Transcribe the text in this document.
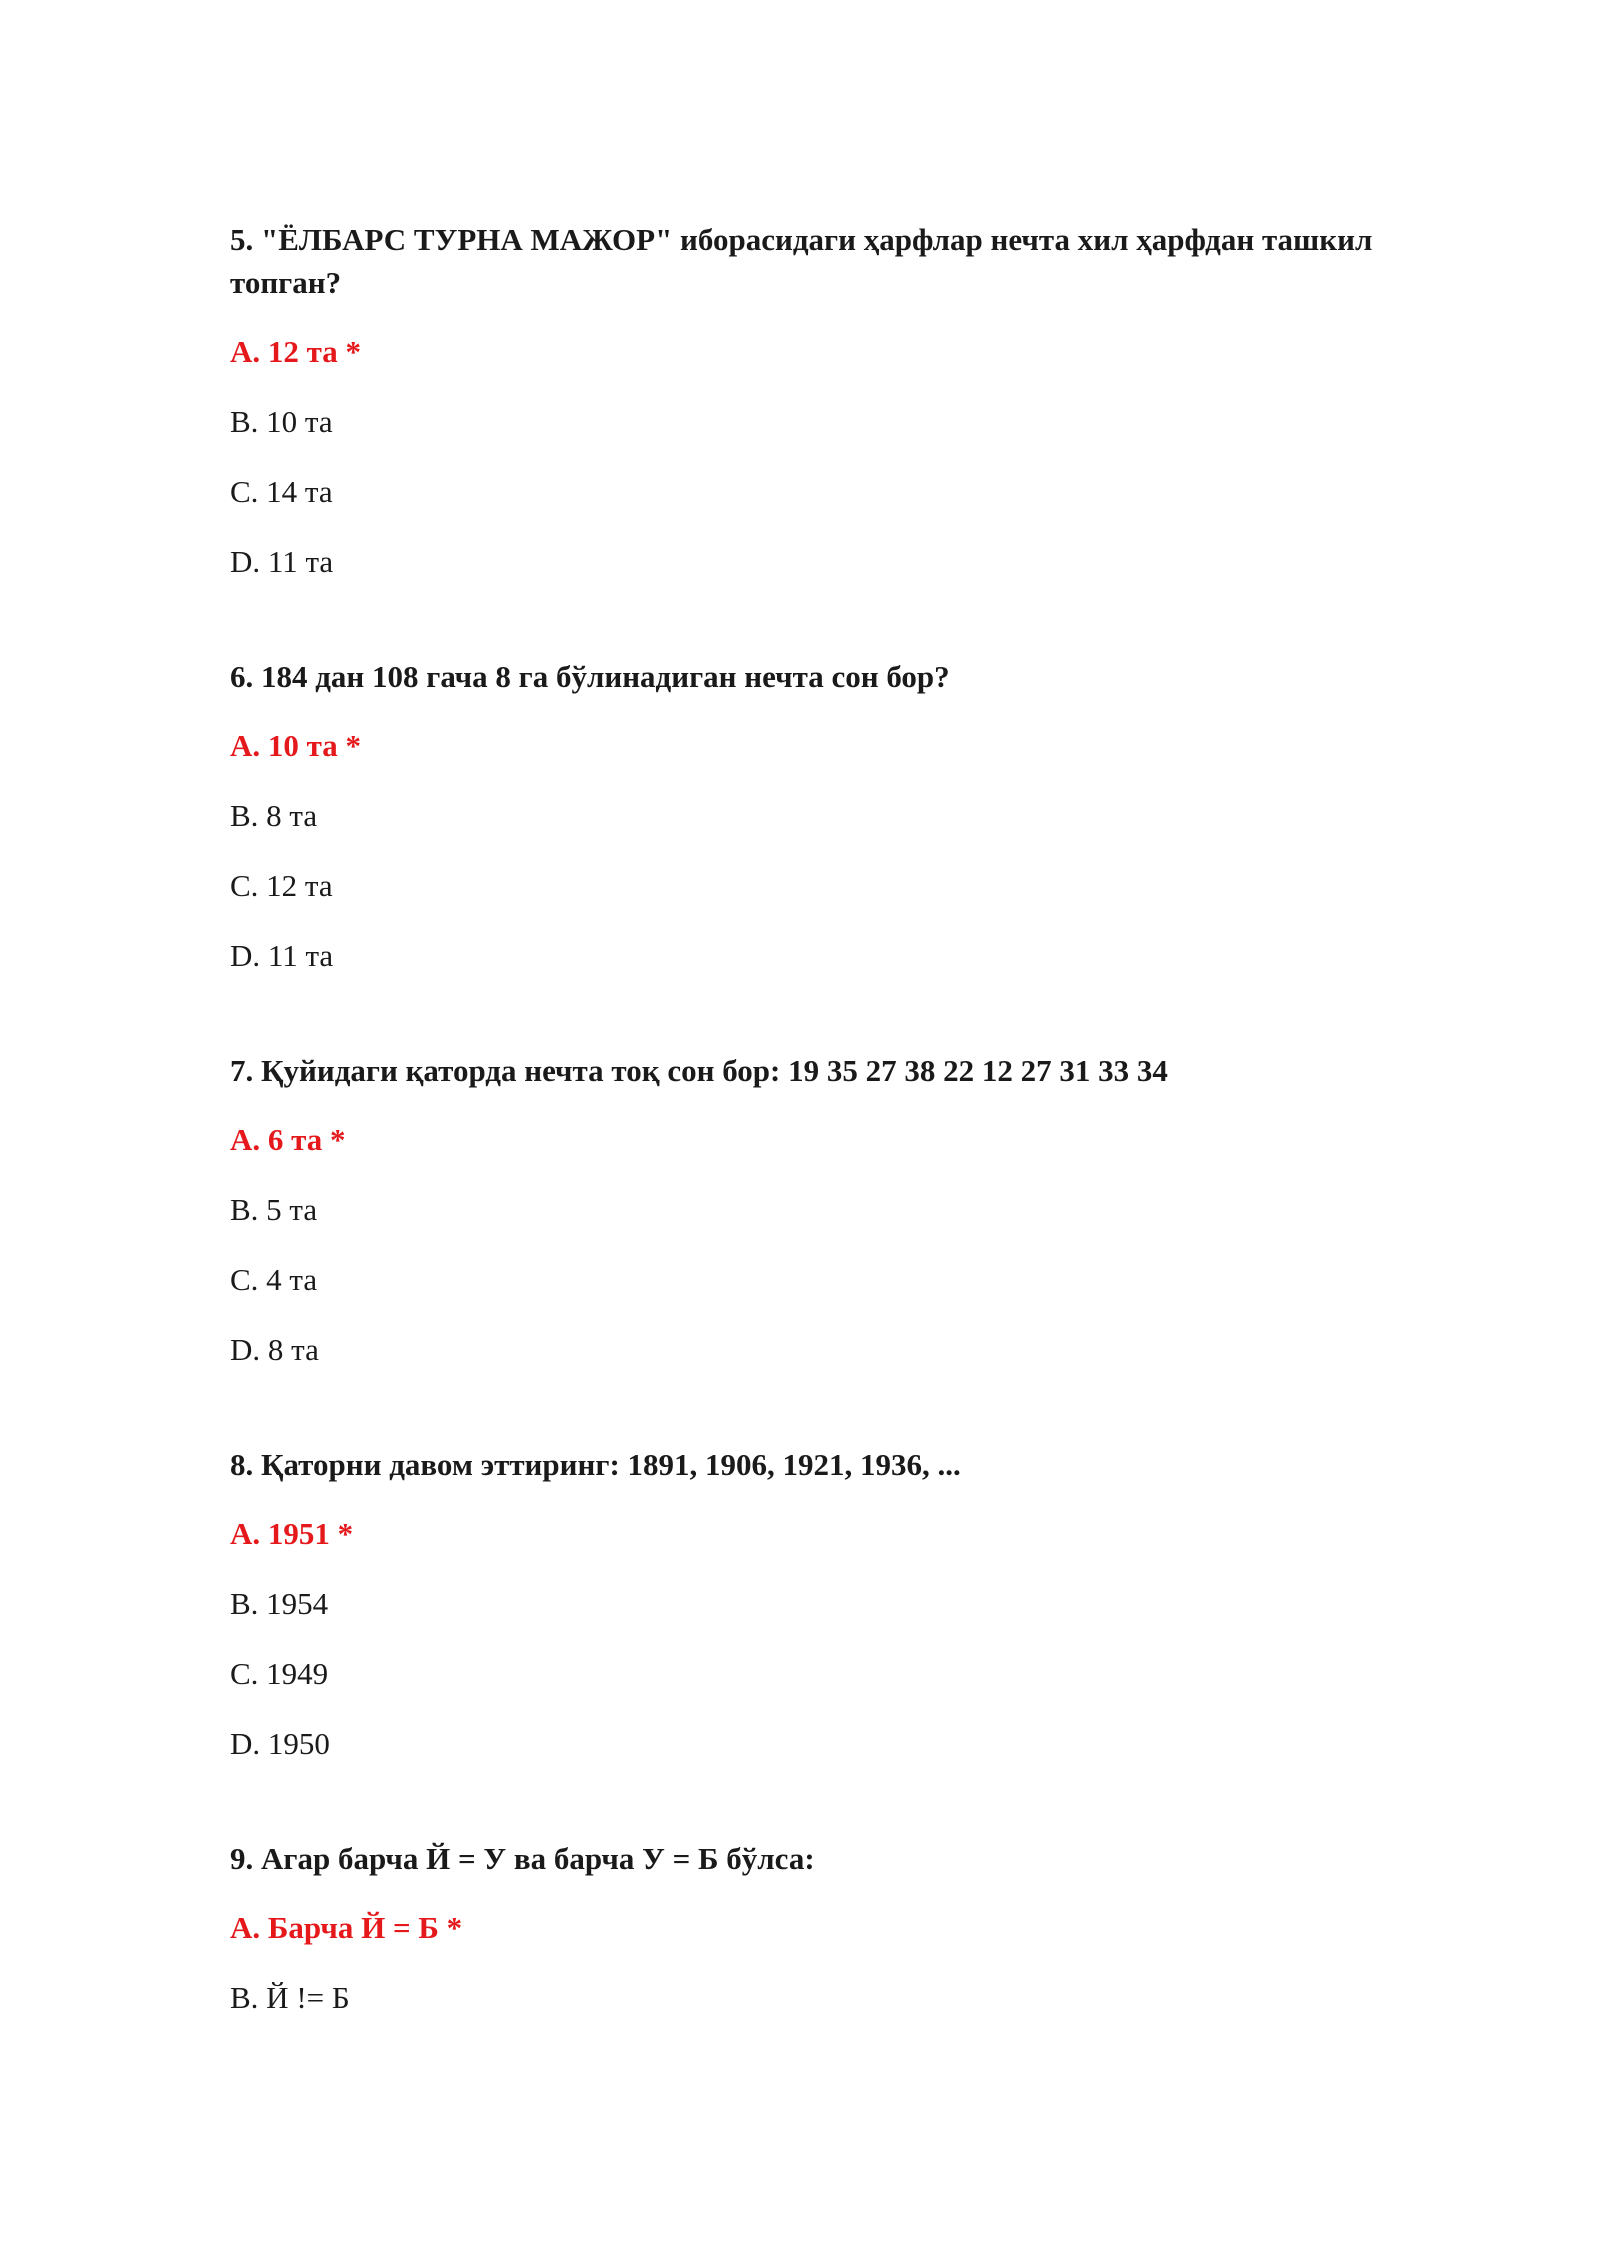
5. "ЁЛБАРС ТУРНА МАЖОР" иборасидаги ҳарфлар нечта хил ҳарфдан ташкил топган?
A. 12 та *
B. 10 та
C. 14 та
D. 11 та
6. 184 дан 108 гача 8 га бўлинадиган нечта сон бор?
A. 10 та *
B. 8 та
C. 12 та
D. 11 та
7. Қуйидаги қаторда нечта тоқ сон бор: 19 35 27 38 22 12 27 31 33 34
A. 6 та *
B. 5 та
C. 4 та
D. 8 та
8. Қаторни давом эттиринг: 1891, 1906, 1921, 1936, ...
A. 1951 *
B. 1954
C. 1949
D. 1950
9. Агар барча Й = У ва барча У = Б бўлса:
A. Барча Й = Б *
B. Й != Б
